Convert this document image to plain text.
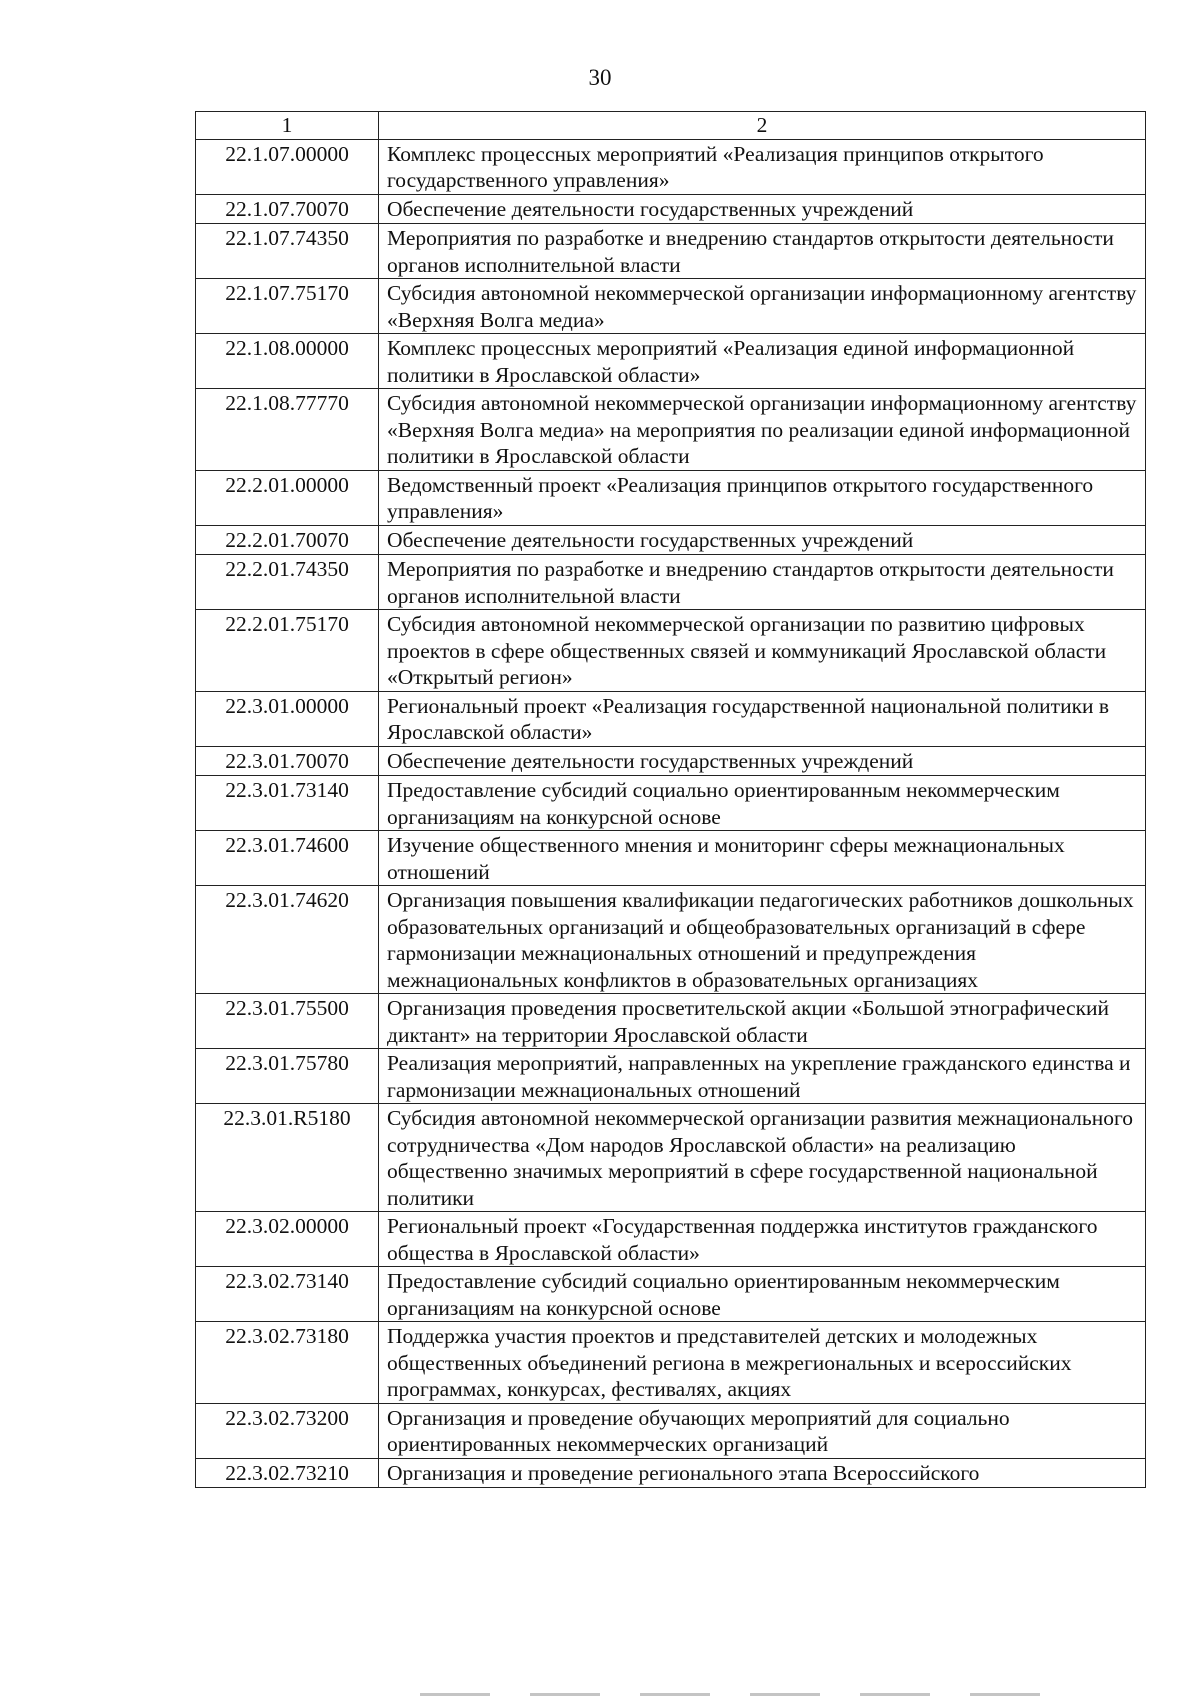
30
1	2
22.1.07.00000	Комплекс процессных мероприятий «Реализация принципов открытого государственного управления»
22.1.07.70070	Обеспечение деятельности государственных учреждений
22.1.07.74350	Мероприятия по разработке и внедрению стандартов открытости деятельности органов исполнительной власти
22.1.07.75170	Субсидия автономной некоммерческой организации информационному агентству «Верхняя Волга медиа»
22.1.08.00000	Комплекс процессных мероприятий «Реализация единой информационной политики в Ярославской области»
22.1.08.77770	Субсидия автономной некоммерческой организации информационному агентству «Верхняя Волга медиа» на мероприятия по реализации единой информационной политики в Ярославской области
22.2.01.00000	Ведомственный проект «Реализация принципов открытого государственного управления»
22.2.01.70070	Обеспечение деятельности государственных учреждений
22.2.01.74350	Мероприятия по разработке и внедрению стандартов открытости деятельности органов исполнительной власти
22.2.01.75170	Субсидия автономной некоммерческой организации по развитию цифровых проектов в сфере общественных связей и коммуникаций Ярославской области «Открытый регион»
22.3.01.00000	Региональный проект «Реализация государственной национальной политики в Ярославской области»
22.3.01.70070	Обеспечение деятельности государственных учреждений
22.3.01.73140	Предоставление субсидий социально ориентированным некоммерческим организациям на конкурсной основе
22.3.01.74600	Изучение общественного мнения и мониторинг сферы межнациональных отношений
22.3.01.74620	Организация повышения квалификации педагогических работников дошкольных образовательных организаций и общеобразовательных организаций в сфере гармонизации межнациональных отношений и предупреждения межнациональных конфликтов в образовательных организациях
22.3.01.75500	Организация проведения просветительской акции «Большой этнографический диктант» на территории Ярославской области
22.3.01.75780	Реализация мероприятий, направленных на укрепление гражданского единства и гармонизации межнациональных отношений
22.3.01.R5180	Субсидия автономной некоммерческой организации развития межнационального сотрудничества «Дом народов Ярославской области» на реализацию общественно значимых мероприятий в сфере государственной национальной политики
22.3.02.00000	Региональный проект «Государственная поддержка институтов гражданского общества в Ярославской области»
22.3.02.73140	Предоставление субсидий социально ориентированным некоммерческим организациям на конкурсной основе
22.3.02.73180	Поддержка участия проектов и представителей детских и молодежных общественных объединений региона в межрегиональных и всероссийских программах, конкурсах, фестивалях, акциях
22.3.02.73200	Организация и проведение обучающих мероприятий для социально ориентированных некоммерческих организаций
22.3.02.73210	Организация и проведение регионального этапа Всероссийского
